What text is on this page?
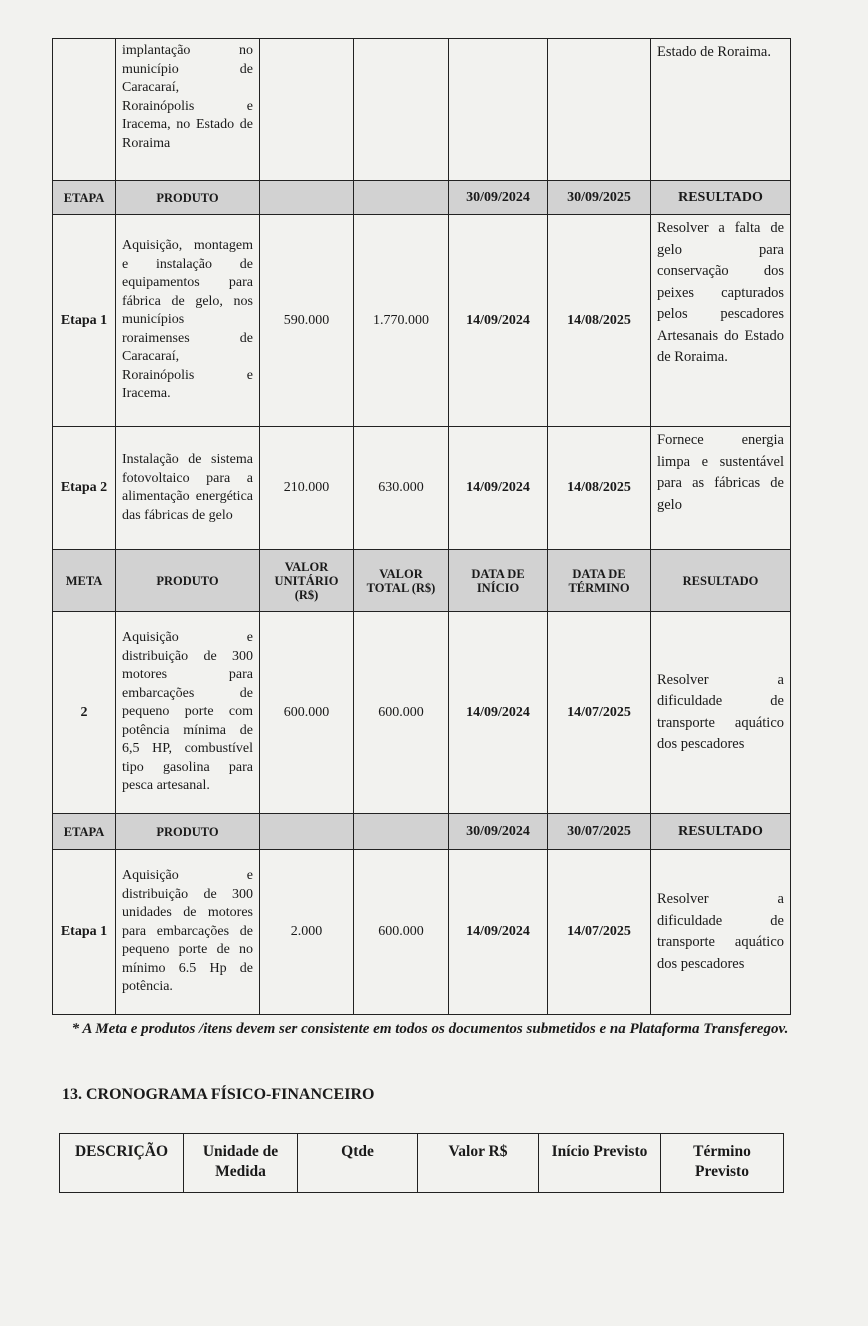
	implantação no município de Caracaraí, Rorainópolis e Iracema, no Estado de Roraima					Estado de Roraima.
ETAPA	PRODUTO			30/09/2024	30/09/2025	RESULTADO
Etapa 1	Aquisição, montagem e instalação de equipamentos para fábrica de gelo, nos municípios roraimenses de Caracaraí, Rorainópolis e Iracema.	590.000	1.770.000	14/09/2024	14/08/2025	Resolver a falta de gelo para conservação dos peixes capturados pelos pescadores Artesanais do Estado de Roraima.
Etapa 2	Instalação de sistema fotovoltaico para a alimentação energética das fábricas de gelo	210.000	630.000	14/09/2024	14/08/2025	Fornece energia limpa e sustentável para as fábricas de gelo
META	PRODUTO	VALOR UNITÁRIO (R$)	VALOR TOTAL (R$)	DATA DE INÍCIO	DATA DE TÉRMINO	RESULTADO
2	Aquisição e distribuição de 300 motores para embarcações de pequeno porte com potência mínima de 6,5 HP, combustível tipo gasolina para pesca artesanal.	600.000	600.000	14/09/2024	14/07/2025	Resolver a dificuldade de transporte aquático dos pescadores
ETAPA	PRODUTO			30/09/2024	30/07/2025	RESULTADO
Etapa 1	Aquisição e distribuição de 300 unidades de motores para embarcações de pequeno porte de no mínimo 6.5 Hp de potência.	2.000	600.000	14/09/2024	14/07/2025	Resolver a dificuldade de transporte aquático dos pescadores
* A Meta e produtos /itens devem ser consistente em todos os documentos submetidos e na Plataforma Transferegov.
13. CRONOGRAMA FÍSICO-FINANCEIRO
DESCRIÇÃO	Unidade de Medida	Qtde	Valor R$	Início Previsto	Término Previsto
